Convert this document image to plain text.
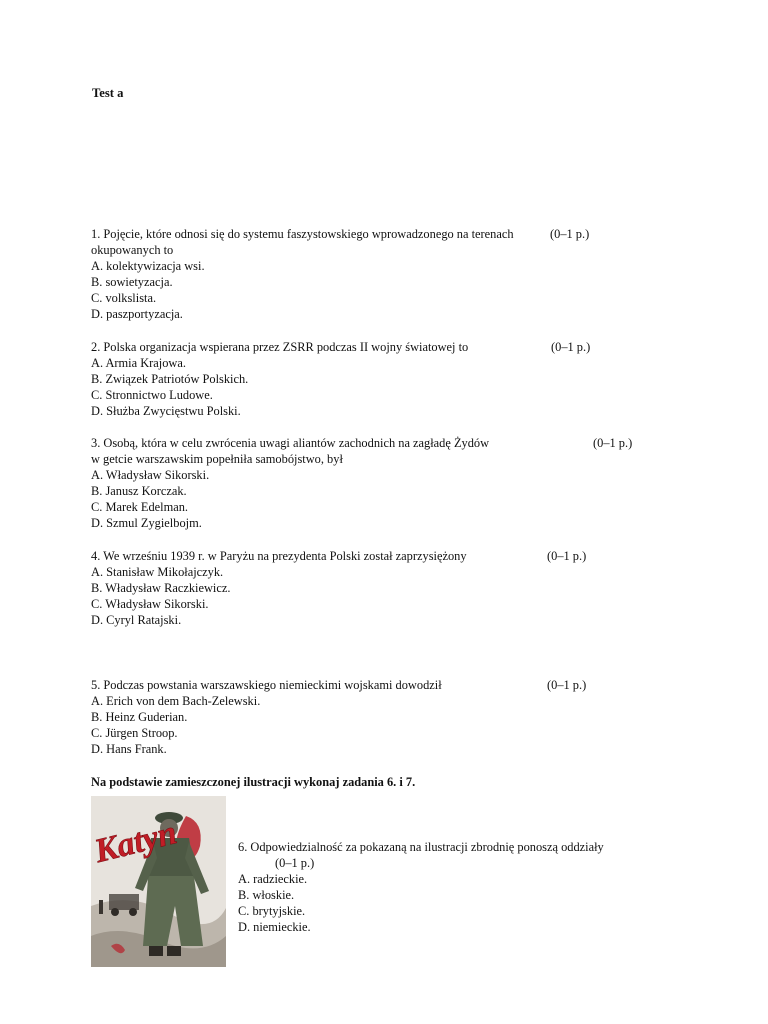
Test a
1. Pojęcie, które odnosi się do systemu faszystowskiego wprowadzonego na terenach
okupowanych to
A. kolektywizacja wsi.
B. sowietyzacja.
C. volkslista.
D. paszportyzacja.
(0–1 p.)
2. Polska organizacja wspierana przez ZSRR podczas II wojny światowej to
A. Armia Krajowa.
B. Związek Patriotów Polskich.
C. Stronnictwo Ludowe.
D. Służba Zwycięstwu Polski.
(0–1 p.)
3. Osobą, która w celu zwrócenia uwagi aliantów zachodnich na zagładę Żydów
w getcie warszawskim popełniła samobójstwo, był
A. Władysław Sikorski.
B. Janusz Korczak.
C. Marek Edelman.
D. Szmul Zygielbojm.
(0–1 p.)
4. We wrześniu 1939 r. w Paryżu na prezydenta Polski został zaprzysiężony
A. Stanisław Mikołajczyk.
B. Władysław Raczkiewicz.
C. Władysław Sikorski.
D. Cyryl Ratajski.
(0–1 p.)
5. Podczas powstania warszawskiego niemieckimi wojskami dowodził
A. Erich von dem Bach-Zelewski.
B. Heinz Guderian.
C. Jürgen Stroop.
D. Hans Frank.
(0–1 p.)
Na podstawie zamieszczonej ilustracji wykonaj zadania 6. i 7.
Katyn	6. Odpowiedzialność za pokazaną na ilustracji zbrodnię ponoszą oddziały
(0–1 p.)
A. radzieckie.
B. włoskie.
C. brytyjskie.
D. niemieckie.
